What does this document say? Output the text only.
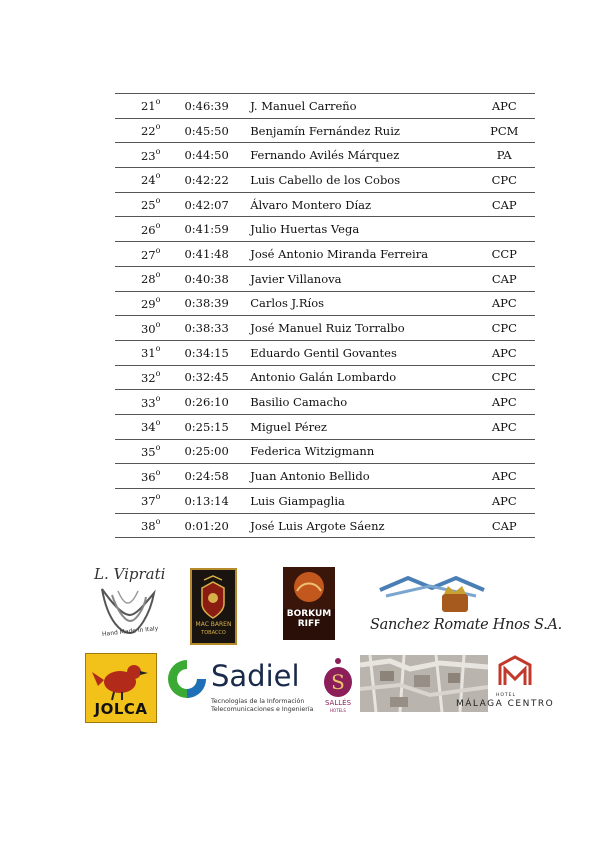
21$^o$	0:46:39	J. Manuel Carreño	APC
22$^o$	0:45:50	Benjamín Fernández Ruiz	PCM
23$^o$	0:44:50	Fernando Avilés Márquez	PA
24$^o$	0:42:22	Luis Cabello de los Cobos	CPC
25$^o$	0:42:07	Álvaro Montero Díaz	CAP
26$^o$	0:41:59	Julio Huertas Vega	
27$^o$	0:41:48	José Antonio Miranda Ferreira	CCP
28$^o$	0:40:38	Javier Villanova	CAP
29$^o$	0:38:39	Carlos J.Ríos	APC
30$^o$	0:38:33	José Manuel Ruiz Torralbo	CPC
31$^o$	0:34:15	Eduardo Gentil Govantes	APC
32$^o$	0:32:45	Antonio Galán Lombardo	CPC
33$^o$	0:26:10	Basilio Camacho	APC
34$^o$	0:25:15	Miguel Pérez	APC
35$^o$	0:25:00	Federica Witzigmann	
36$^o$	0:24:58	Juan Antonio Bellido	APC
37$^o$	0:13:14	Luis Giampaglia	APC
38$^o$	0:01:20	José Luis Argote Sáenz	CAP
L. Viprati
Hand Made in Italy
MAC BAREN
TOBACCO
BORKUM
RIFF	Sanchez Romate Hnos S.A.
JOLCA
Sadiel
Tecnologías de la Información
Telecomunicaciones e Ingeniería
S
SALLÉS
HOTELS
HOTEL
MÁLAGA CENTRO
